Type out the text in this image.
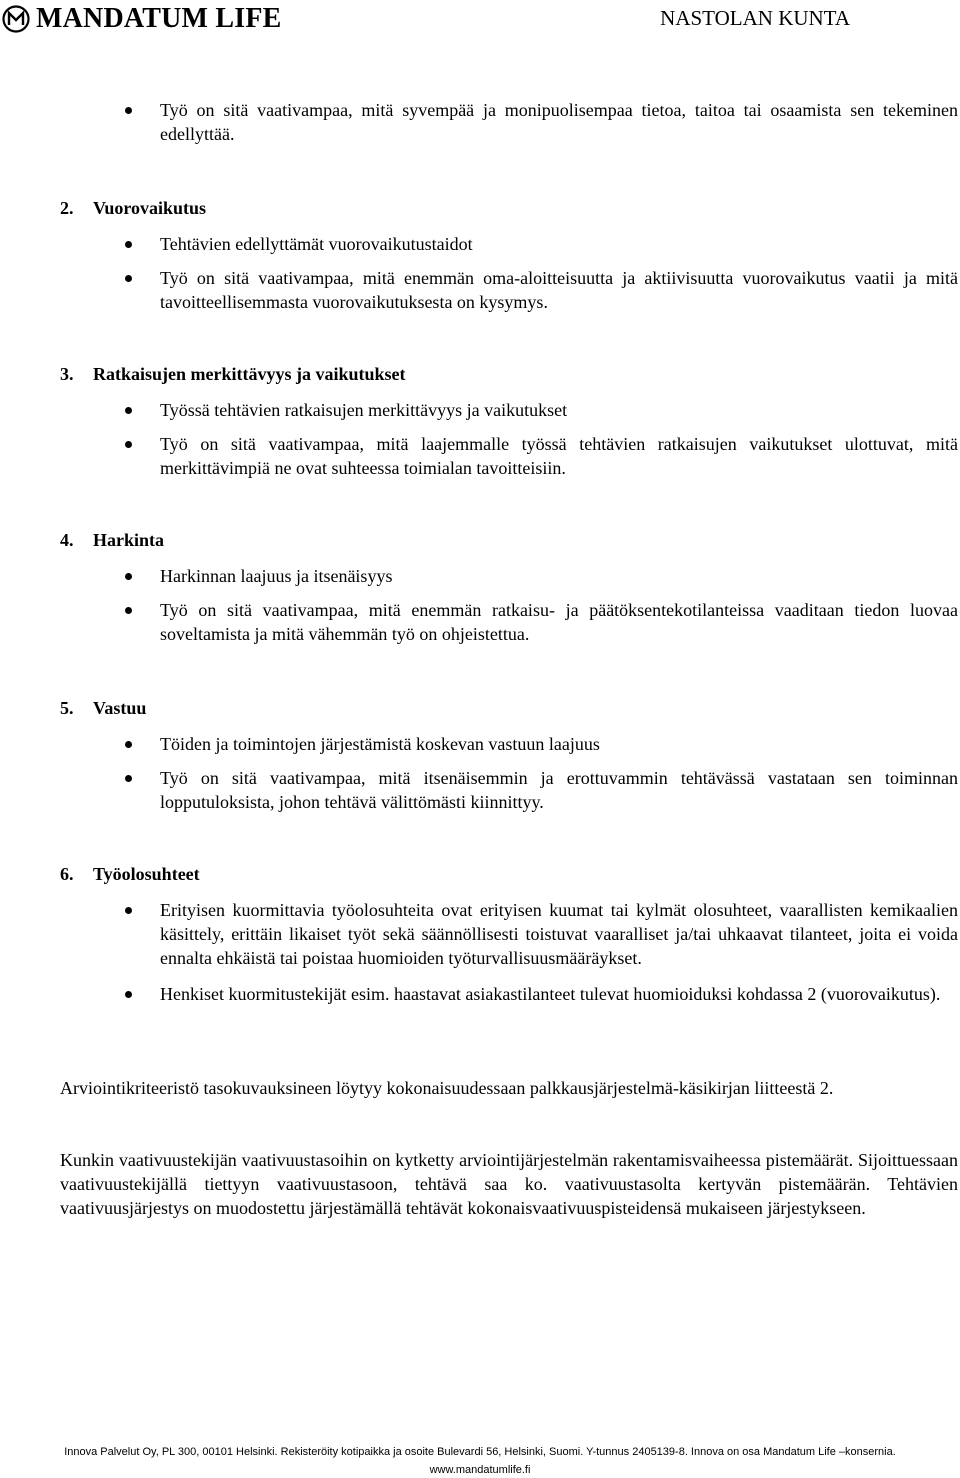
MANDATUM LIFE	NASTOLAN KUNTA
Työ on sitä vaativampaa, mitä syvempää ja monipuolisempaa tietoa, taitoa tai osaamista sen tekeminen edellyttää.
2. Vuorovaikutus
Tehtävien edellyttämät vuorovaikutustaidot
Työ on sitä vaativampaa, mitä enemmän oma-aloitteisuutta ja aktiivisuutta vuorovaikutus vaatii ja mitä tavoitteellisemmasta vuorovaikutuksesta on kysymys.
3. Ratkaisujen merkittävyys ja vaikutukset
Työssä tehtävien ratkaisujen merkittävyys ja vaikutukset
Työ on sitä vaativampaa, mitä laajemmalle työssä tehtävien ratkaisujen vaikutukset ulottuvat, mitä merkittävimpiä ne ovat suhteessa toimialan tavoitteisiin.
4. Harkinta
Harkinnan laajuus ja itsenäisyys
Työ on sitä vaativampaa, mitä enemmän ratkaisu- ja päätöksentekotilanteissa vaaditaan tiedon luovaa soveltamista ja mitä vähemmän työ on ohjeistettua.
5. Vastuu
Töiden ja toimintojen järjestämistä koskevan vastuun laajuus
Työ on sitä vaativampaa, mitä itsenäisemmin ja erottuvammin tehtävässä vastataan sen toiminnan lopputuloksista, johon tehtävä välittömästi kiinnittyy.
6. Työolosuhteet
Erityisen kuormittavia työolosuhteita ovat erityisen kuumat tai kylmät olosuhteet, vaarallisten kemikaalien käsittely, erittäin likaiset työt sekä säännöllisesti toistuvat vaaralliset ja/tai uhkaavat tilanteet, joita ei voida ennalta ehkäistä tai poistaa huomioiden työturvallisuusmääräykset.
Henkiset kuormitustekijät esim. haastavat asiakastilanteet tulevat huomioiduksi kohdassa 2 (vuorovaikutus).
Arviointikriteeristö tasokuvauksineen löytyy kokonaisuudessaan palkkausjärjestelmä-käsikirjan liitteestä 2.
Kunkin vaativuustekijän vaativuustasoihin on kytketty arviointijärjestelmän rakentamisvaiheessa pistemäärät. Sijoittuessaan vaativuustekijällä tiettyyn vaativuustasoon, tehtävä saa ko. vaativuustasolta kertyvän pistemäärän. Tehtävien vaativuusjärjestys on muodostettu järjestämällä tehtävät kokonaisvaativuuspisteidensä mukaiseen järjestykseen.
Innova Palvelut Oy, PL 300, 00101 Helsinki. Rekisteröity kotipaikka ja osoite Bulevardi 56, Helsinki, Suomi. Y-tunnus 2405139-8. Innova on osa Mandatum Life –konsernia.
www.mandatumlife.fi
